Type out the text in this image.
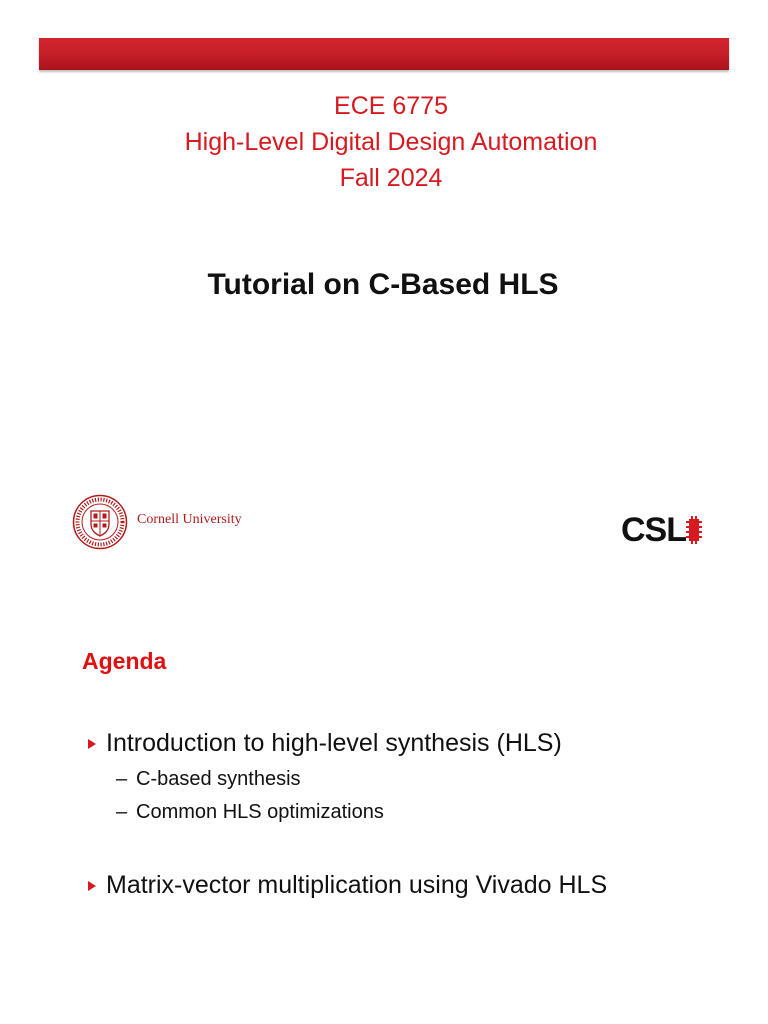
ECE 6775
High-Level Digital Design Automation
Fall 2024
Tutorial on C-Based HLS
Cornell University	CSL
Agenda
Introduction to high-level synthesis (HLS)
– C-based synthesis
– Common HLS optimizations
Matrix-vector multiplication using Vivado HLS
